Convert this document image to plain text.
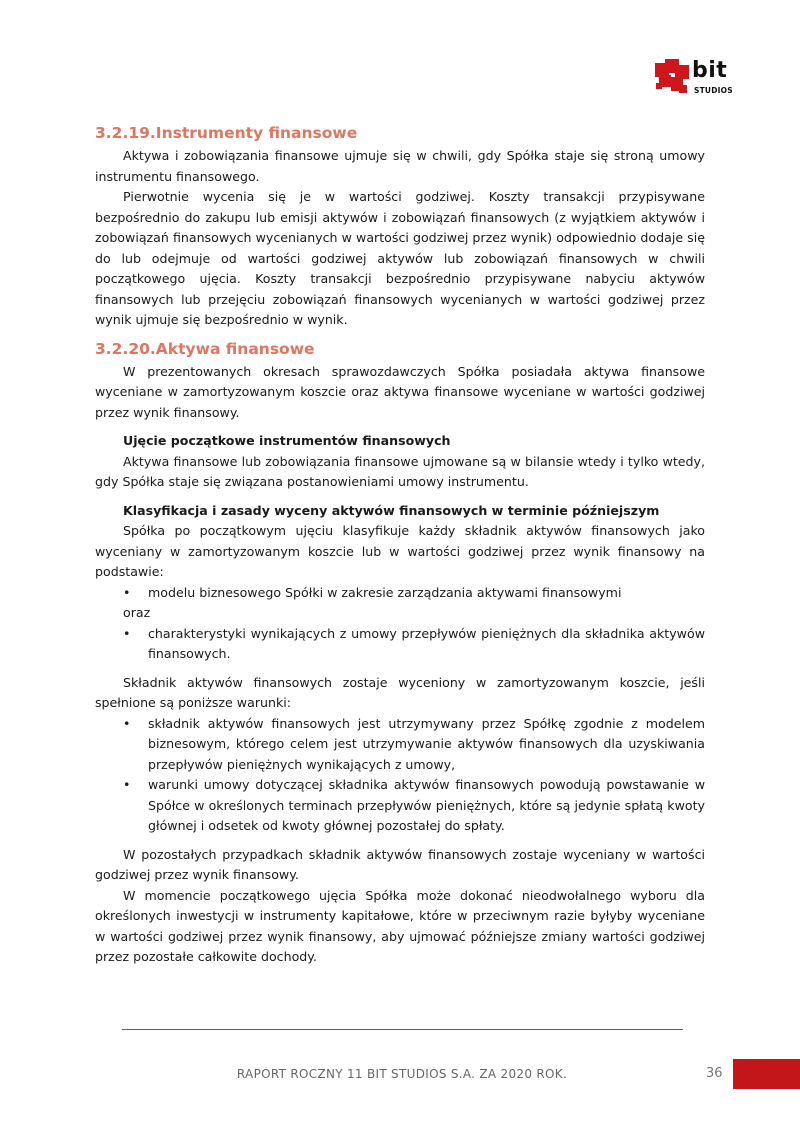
bit
STUDIOS
3.2.19.Instrumenty finansowe

Aktywa i zobowiązania finansowe ujmuje się w chwili, gdy Spółka staje się stroną umowy instrumentu finansowego.

Pierwotnie wycenia się je w wartości godziwej. Koszty transakcji przypisywane bezpośrednio do zakupu lub emisji aktywów i zobowiązań finansowych (z wyjątkiem aktywów i zobowiązań finansowych wycenianych w wartości godziwej przez wynik) odpowiednio dodaje się do lub odejmuje od wartości godziwej aktywów lub zobowiązań finansowych w chwili początkowego ujęcia. Koszty transakcji bezpośrednio przypisywane nabyciu aktywów finansowych lub przejęciu zobowiązań finansowych wycenianych w wartości godziwej przez wynik ujmuje się bezpośrednio w wynik.

3.2.20.Aktywa finansowe

W prezentowanych okresach sprawozdawczych Spółka posiadała aktywa finansowe wyceniane w zamortyzowanym koszcie oraz aktywa finansowe wyceniane w wartości godziwej przez wynik finansowy.

Ujęcie początkowe instrumentów finansowych

Aktywa finansowe lub zobowiązania finansowe ujmowane są w bilansie wtedy i tylko wtedy, gdy Spółka staje się związana postanowieniami umowy instrumentu.

Klasyfikacja i zasady wyceny aktywów finansowych w terminie późniejszym

Spółka po początkowym ujęciu klasyfikuje każdy składnik aktywów finansowych jako wyceniany w zamortyzowanym koszcie lub w wartości godziwej przez wynik finansowy na podstawie:

• modelu biznesowego Spółki w zakresie zarządzania aktywami finansowymi
oraz
• charakterystyki wynikających z umowy przepływów pieniężnych dla składnika aktywów finansowych.

Składnik aktywów finansowych zostaje wyceniony w zamortyzowanym koszcie, jeśli spełnione są poniższe warunki:

• składnik aktywów finansowych jest utrzymywany przez Spółkę zgodnie z modelem biznesowym, którego celem jest utrzymywanie aktywów finansowych dla uzyskiwania przepływów pieniężnych wynikających z umowy,
• warunki umowy dotyczącej składnika aktywów finansowych powodują powstawanie w Spółce w określonych terminach przepływów pieniężnych, które są jedynie spłatą kwoty głównej i odsetek od kwoty głównej pozostałej do spłaty.

W pozostałych przypadkach składnik aktywów finansowych zostaje wyceniany w wartości godziwej przez wynik finansowy.

W momencie początkowego ujęcia Spółka może dokonać nieodwołalnego wyboru dla określonych inwestycji w instrumenty kapitałowe, które w przeciwnym razie byłyby wyceniane w wartości godziwej przez wynik finansowy, aby ujmować późniejsze zmiany wartości godziwej przez pozostałe całkowite dochody.

RAPORT ROCZNY 11 BIT STUDIOS S.A. ZA 2020 ROK.	36
